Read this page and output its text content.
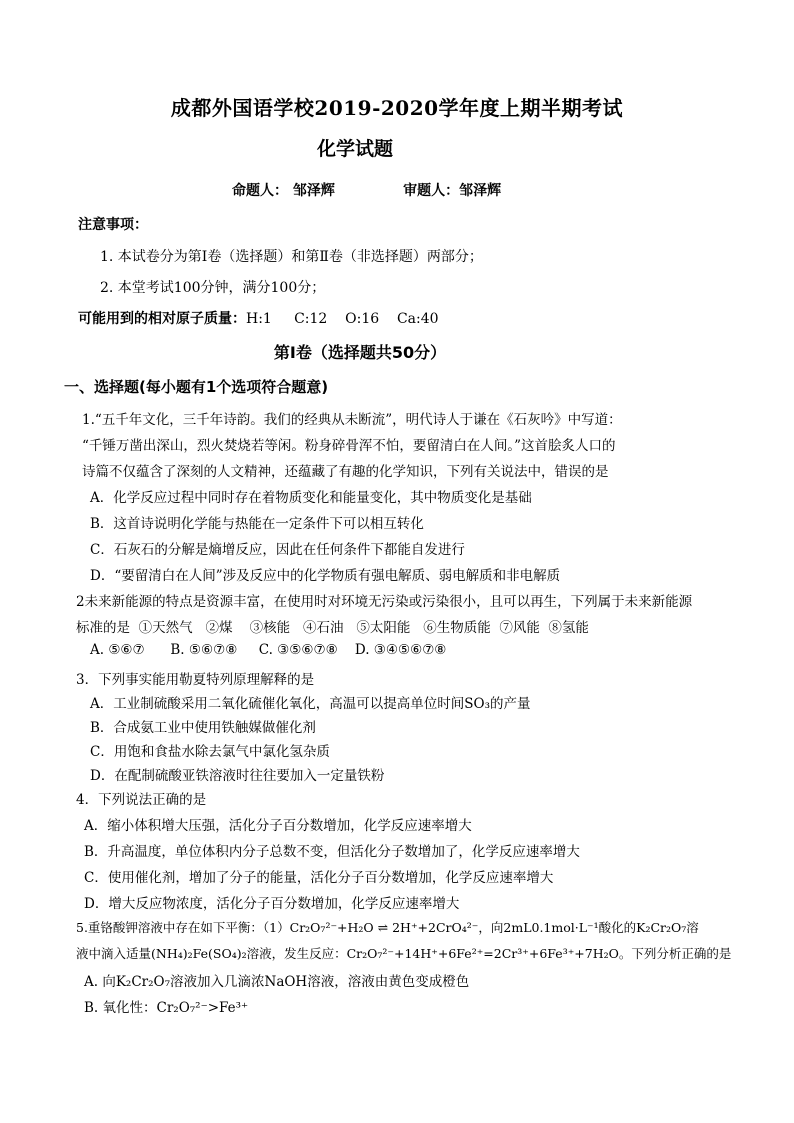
成都外国语学校2019-2020学年度上期半期考试
化学试题
命题人： 邹泽辉              审题人：邹泽辉
注意事项：
1. 本试卷分为第Ⅰ卷（选择题）和第Ⅱ卷（非选择题）两部分；
2. 本堂考试100分钟，满分100分；
可能用到的相对原子质量：H:1     C:12    O:16    Ca:40
第Ⅰ卷（选择题共50分）
一、选择题(每小题有1个选项符合题意)
1.“五千年文化，三千年诗韵。我们的经典从未断流”，明代诗人于谦在《石灰吟》中写道：
“千锤万凿出深山，烈火焚烧若等闲。粉身碎骨浑不怕，要留清白在人间。”这首脍炙人口的
诗篇不仅蕴含了深刻的人文精神，还蕴藏了有趣的化学知识，下列有关说法中，错误的是
A．化学反应过程中同时存在着物质变化和能量变化，其中物质变化是基础
B．这首诗说明化学能与热能在一定条件下可以相互转化
C．石灰石的分解是熵增反应，因此在任何条件下都能自发进行
D．“要留清白在人间”涉及反应中的化学物质有强电解质、弱电解质和非电解质
2未来新能源的特点是资源丰富，在使用时对环境无污染或污染很小，且可以再生，下列属于未来新能源
标准的是  ①天然气   ②煤    ③核能   ④石油   ⑤太阳能   ⑥生物质能  ⑦风能  ⑧氢能
A. ⑤⑥⑦      B. ⑤⑥⑦⑧     C. ③⑤⑥⑦⑧    D. ③④⑤⑥⑦⑧
3．下列事实能用勒夏特列原理解释的是
A．工业制硫酸采用二氧化硫催化氧化，高温可以提高单位时间SO₃的产量
B．合成氨工业中使用铁触媒做催化剂
C．用饱和食盐水除去氯气中氯化氢杂质
D．在配制硫酸亚铁溶液时往往要加入一定量铁粉
4．下列说法正确的是
A．缩小体积增大压强，活化分子百分数增加，化学反应速率增大
B．升高温度，单位体积内分子总数不变，但活化分子数增加了，化学反应速率增大
C．使用催化剂，增加了分子的能量，活化分子百分数增加，化学反应速率增大
D．增大反应物浓度，活化分子百分数增加，化学反应速率增大
5.重铬酸钾溶液中存在如下平衡：（1）Cr₂O₇²⁻+H₂O ⇌ 2H⁺+2CrO₄²⁻，向2mL0.1mol·L⁻¹酸化的K₂Cr₂O₇溶
液中滴入适量(NH₄)₂Fe(SO₄)₂溶液，发生反应：Cr₂O₇²⁻+14H⁺+6Fe²⁺=2Cr³⁺+6Fe³⁺+7H₂O。下列分析正确的是
A. 向K₂Cr₂O₇溶液加入几滴浓NaOH溶液，溶液由黄色变成橙色
B. 氧化性：Cr₂O₇²⁻>Fe³⁺
